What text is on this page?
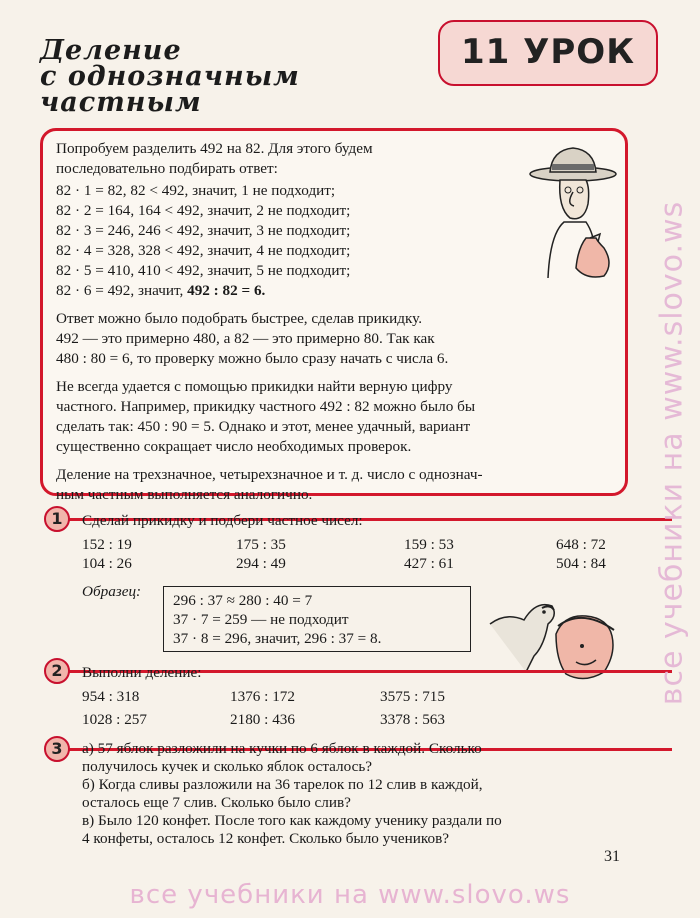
Деление
с однозначным
частным
11 УРОК

Попробуем разделить 492 на 82. Для этого будем

последовательно подбирать ответ:

82 · 1 = 82, 82 < 492, значит, 1 не подходит;

82 · 2 = 164, 164 < 492, значит, 2 не подходит;

82 · 3 = 246, 246 < 492, значит, 3 не подходит;

82 · 4 = 328, 328 < 492, значит, 4 не подходит;

82 · 5 = 410, 410 < 492, значит, 5 не подходит;

82 · 6 = 492, значит, 492 : 82 = 6.

Ответ можно было подобрать быстрее, сделав прикидку.

492 — это примерно 480, а 82 — это примерно 80. Так как

480 : 80 = 6, то проверку можно было сразу начать с числа 6.

Не всегда удается с помощью прикидки найти верную цифру

частного. Например, прикидку частного 492 : 82 можно было бы

сделать так: 450 : 90 = 5. Однако и этот, менее удачный, вариант

существенно сокращает число необходимых проверок.

Деление на трехзначное, четырехзначное и т. д. число с однознач-

ным частным выполняется аналогично.

1	Сделай прикидку и подбери частное чисел:
152 : 19	175 : 35	159 : 53	648 : 72
104 : 26	294 : 49	427 : 61	504 : 84
Образец:
296 : 37 ≈ 280 : 40 = 7
37 · 7 = 259 — не подходит
37 · 8 = 296, значит, 296 : 37 = 8.
2	Выполни деление:
954 : 318	1376 : 172	3575 : 715
1028 : 257	2180 : 436	3378 : 563
3	а) 57 яблок разложили на кучки по 6 яблок в каждой. Сколько
получилось кучек и сколько яблок осталось?
б) Когда сливы разложили на 36 тарелок по 12 слив в каждой,
осталось еще 7 слив. Сколько было слив?
в) Было 120 конфет. После того как каждому ученику раздали по
4 конфеты, осталось 12 конфет. Сколько было учеников?
31
все учебники на www.slovo.ws
все учебники на www.slovo.ws
